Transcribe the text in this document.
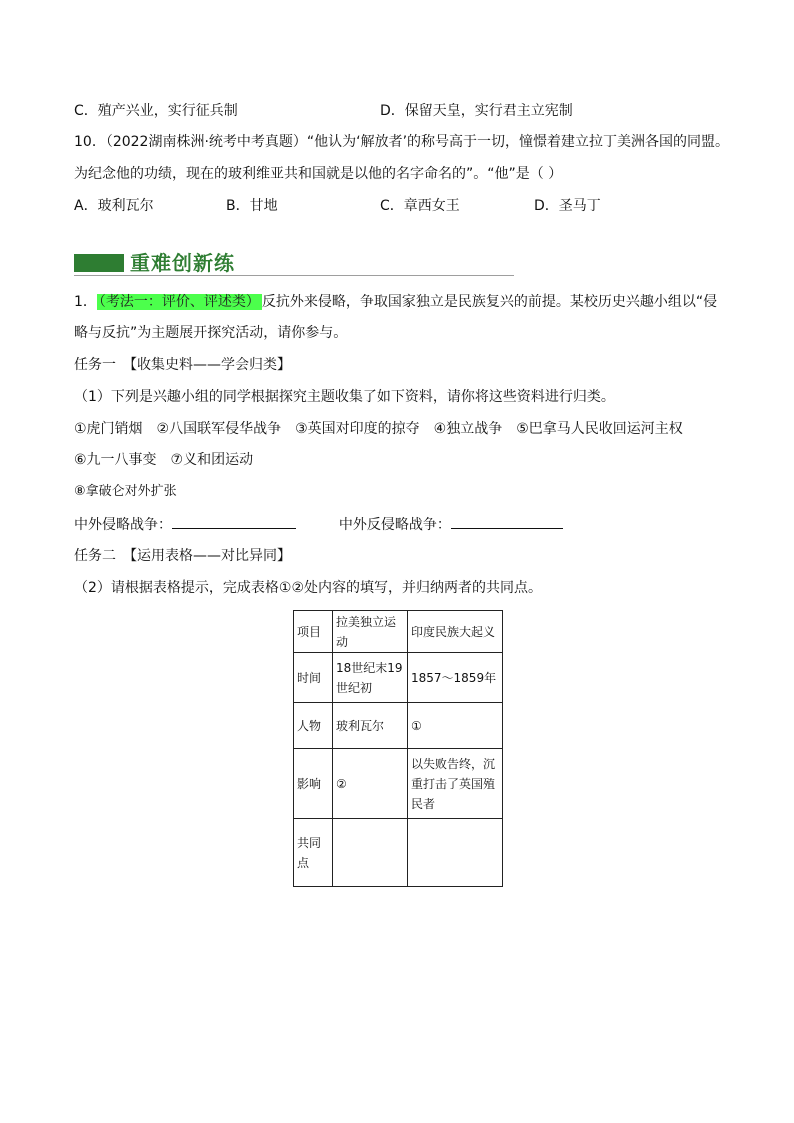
C．殖产兴业，实行征兵制	D．保留天皇，实行君主立宪制
10．（2022湖南株洲·统考中考真题）“他认为‘解放者’的称号高于一切，憧憬着建立拉丁美洲各国的同盟。
为纪念他的功绩，现在的玻利维亚共和国就是以他的名字命名的”。“他”是（ ）
A．玻利瓦尔	B．甘地	C．章西女王	D．圣马丁
重难创新练
1． （考法一：评价、评述类） 反抗外来侵略，争取国家独立是民族复兴的前提。某校历史兴趣小组以“侵
略与反抗”为主题展开探究活动，请你参与。
任务一　【收集史料——学会归类】
（1）下列是兴趣小组的同学根据探究主题收集了如下资料，请你将这些资料进行归类。
①虎门销烟　②八国联军侵华战争　③英国对印度的掠夺　④独立战争　⑤巴拿马人民收回运河主权
⑥九一八事变　⑦义和团运动
⑧拿破仑对外扩张
中外侵略战争：	中外反侵略战争：
任务二　【运用表格——对比异同】
（2）请根据表格提示，完成表格①②处内容的填写，并归纳两者的共同点。
项目	拉美独立运动	印度民族大起义
时间	18世纪末19世纪初	1857～1859年
人物	玻利瓦尔	①
影响	②	以失败告终，沉重打击了英国殖民者
共同点		
